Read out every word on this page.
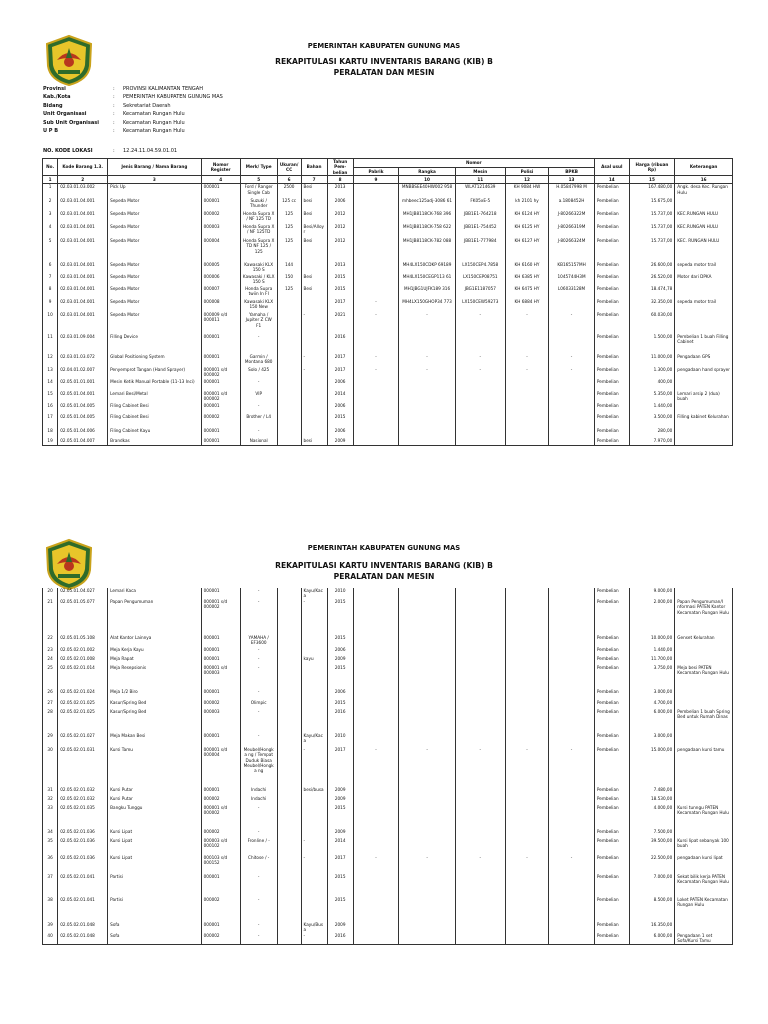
PEMERINTAH KABUPATEN GUNUNG MAS
REKAPITULASI KARTU INVENTARIS BARANG (KIB) B
PERALATAN DAN MESIN
Provinsi	:	PROVINSI KALIMANTAN TENGAH
Kab./Kota	:	PEMERINTAH KABUPATEN GUNUNG MAS
Bidang	:	Sekretariat Daerah
Unit Organisasi	:	Kecamatan Rungan Hulu
Sub Unit Organisasi	:	Kecamatan Rungan Hulu
U P B	:	Kecamatan Rungan Hulu
NO. KODE LOKASI	:	12.24.11.04.59.01.01
No.	Kode Barang 1.3.	Jenis Barang / Nama Barang	Nomor Register	Merk/ Type	Ukuran/ CC	Bahan	Tahun Pem- belian	Nomor					Asal usul	Harga (ribuan Rp)	Keterangan
								Pabrik	Rangka	Mesin	Polisi	BPKB			
1	2	3	4	5	6	7	8	9	10	11	12	13	14	15	16
1	02.03.01.03.002	Pick Up	000001	Ford / Ranger Single Cab	2500	Besi	2013		MNBBSEE40HW002 958	WLAT1214639	KH 9084 HW	H.05847998 M	Pembelian	167.480,00	Angk. desa Kec. Rungan Hulu
2	02.03.01.04.001	Sepeda Motor	000001	Suzuki / Thunder	125 cc	besi	2006		mhbeec125adj-3086 61	FK05xE-5	kh 2101 hy	a.1808452H	Pembelian	15.675,00	
3	02.03.01.04.001	Sepeda Motor	000002	Honda Supra X / NF 125 TD	125	Besi	2012		MH1JB8118CK-768 396	JBB1E1-764218	KH 6124 HY	J-80266322M	Pembelian	15.737,00	KEC.RUNGAN HULU
4	02.03.01.04.001	Sepeda Motor	000003	Honda Supra X / NF 125TD	125	Besi/Alloy r	2012		MH1JB8118CK-758 622	JBB1E1-754452	KH 6125 HY	J-80266319M	Pembelian	15.737,00	KEC.RUNGAN HULU
5	02.03.01.04.001	Sepeda Motor	000004	Honda Supra X TD NF 125 / 125	125	Besi	2012		MH1JB8118CK-782 088	JBB1E1-777984	KH 6127 HY	J-80266324M	Pembelian	15.737,00	KEC. RUNGAN HULU
6	02.03.01.04.001	Sepeda Motor	000005	Kawasaki KLX 150 S	144		2013		MH4LX150CDKP 69189	LX150CEP4.7858	KH 6160 HY	KB165157MH	Pembelian	26.600,00	sepeda motor trail
7	02.03.01.04.001	Sepeda Motor	000006	Kawasaki / KLX 150 S	150	Besi	2015		MH4LX150CEGP113 61	LX150CEP08751	KH 6385 HY	1045744H3M	Pembelian	26.520,00	Motor dari DPKA
8	02.03.01.04.001	Sepeda Motor	000007	Honda Supra twiin In FI	125	Besi	2015		MH1JBG1UJFK189 316	JBG1E1187057	KH 6475 HY	L06033128M	Pembelian	18.474,78	
9	02.03.01.04.001	Sepeda Motor	000008	Kawasaki KLX 150 New			2017	-	MH4LX150GHOP34 773	LX150CEW59273	KH 6884 HY		Pembelian	32.350,00	sepeda motor trail
10	02.03.01.04.001	Sepeda Motor	000009 s/d 000011	Yamaha / Jupiter Z CW F1		-	2021	-	-	-	-	-	Pembelian	60.030,00	
11	02.03.01.09.004	Filling Device	000001	-			2016						Pembelian	1.500,00	Pembelian 1 buah Filling Cabinet
12	02.03.01.03.072	Global Positioning System	000001	Garmin / Montana 680		-	2017	-	-	-	-	-	Pembelian	11.000,00	Pengadaan GPS
13	02.04.01.02.007	Penyemprot Tangan (Hand Sprayer)	000001 s/d 000002	Solo / 425		-	2017	-	-	-	-	-	Pembelian	1.300,00	pengadaan hand sprayer
14	02.05.01.01.001	Mesin Ketik Manual Portable (11-13 Inci)	000001	-			2006						Pembelian	400,00	
15	02.05.01.04.001	Lemari Besi/Metal	000001 s/d 000002	VIP			2014						Pembelian	5.350,00	Lemari arsip 2 (dua) buah
16	02.05.01.04.005	Filing Cabinet Besi	000001	-			2006						Pembelian	1.440,00	
17	02.05.01.04.005	Filing Cabinet Besi	000002	Brother / L4			2015						Pembelian	3.500,00	Filling kabinet Kelurahan
18	02.05.01.04.006	Filing Cabinet Kayu	000001	-			2006						Pembelian	280,00	
19	02.05.01.04.007	Brandkas	000001	Nasional		besi	2009						Pembelian	7.970,00	
PEMERINTAH KABUPATEN GUNUNG MAS
REKAPITULASI KARTU INVENTARIS BARANG (KIB) B
PERALATAN DAN MESIN
20	02.05.01.04.027	Lemari Kaca	000001	-		Kayu/Kac a	2010						Pembelian	9.000,00	
21	02.05.01.05.077	Papan Pengumuman	000001 s/d 000002	-		-	2015						Pembelian	2.000,00	Papan Pengumuman/I nformasi PATEN Kantor Kecamatan Rungan Hulu
22	02.05.01.05.108	Alat Kantor Lainnya	000001	YAMAHA / EF3600			2015						Pembelian	10.000,00	Genset Kelurahan
23	02.05.02.01.002	Meja Kerja Kayu	000001	-			2006						Pembelian	1.440,00	
24	02.05.02.01.008	Meja Rapat	000001	-		kayu	2009						Pembelian	11.700,00	
25	02.05.02.01.014	Meja Resepsionis	000001 s/d 000003	-			2015						Pembelian	3.750,00	Meja besi PATEN Kecamatan Rungan Hulu
26	02.05.02.01.024	Meja 1/2 Biro	000001	-			2006						Pembelian	3.000,00	
27	02.05.02.01.025	Kasur/Spring Bed	000002	Olimpic			2015						Pembelian	4.700,00	
28	02.05.02.01.025	Kasur/Spring Bed	000003	-			2016						Pembelian	6.000,00	Pembelian 1 buah Spring Bed untuk Rumah Dinas
29	02.05.02.01.027	Meja Makan Besi	000001	-		Kayu/Kac a	2010						Pembelian	3.000,00	
30	02.05.02.01.031	Kursi Tamu	000001 s/d 000004	Meubel/Hongka ng / Tempat Duduk Biasa Meubel/Hongka ng		-	2017	-	-	-	-	-	Pembelian	15.000,00	pengadaan kursi tamu
31	02.05.02.01.032	Kursi Putar	000001	Indachi		besi/busa	2009						Pembelian	7.480,00	
32	02.05.02.01.032	Kursi Putar	000002	Indachi			2009						Pembelian	18.530,00	
33	02.05.02.01.035	Bangku Tunggu	000001 s/d 000002	-			2015						Pembelian	4.000,00	Kursi tunngu PATEN Kecamatan Rungan Hulu
34	02.05.02.01.036	Kursi Lipat	000002	-			2009						Pembelian	7.500,00	
35	02.05.02.01.036	Kursi Lipat	000003 s/d 000102	Fronline / -		-	2014						Pembelian	39.500,00	Kursi lipat sebanyak 100 buah
36	02.05.02.01.036	Kursi Lipat	000103 s/d 000152	Chitose / -		-	2017	-	-	-	-	-	Pembelian	22.500,00	pengadaan kursi lipat
37	02.05.02.01.041	Partisi	000001	-			2015						Pembelian	7.000,00	Sekat bilik kerja PATEN Kecamatan Rungan Hulu
38	02.05.02.01.041	Partisi	000002	-			2015						Pembelian	8.500,00	Loket PATEN Kecamatan Rungan Hulu
39	02.05.02.01.048	Sofa	000001	-		Kayu/Bus a	2009						Pembelian	16.350,00	
40	02.05.02.01.048	Sofa	000002	-		-	2016						Pembelian	6.000,00	Pengadaan 1 set Sofa/Kursi Tamu
